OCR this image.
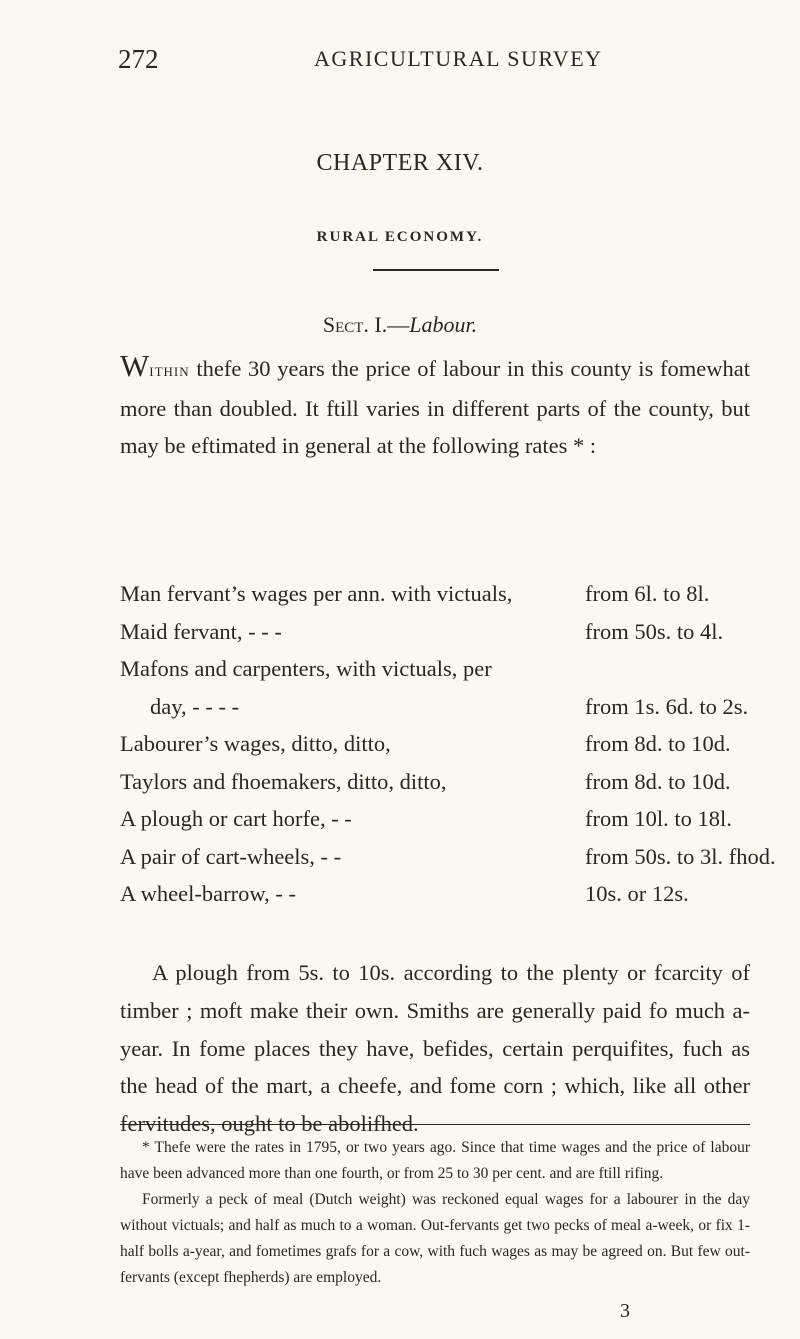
272	AGRICULTURAL SURVEY
CHAPTER XIV.
RURAL ECONOMY.
Sect. I.—Labour.

Within thefe 30 years the price of labour in this county is fomewhat more than doubled. It ftill varies in different parts of the county, but may be eftimated in general at the following rates * :

Man fervant’s wages per ann. with victuals,	from 6l. to 8l.
Maid fervant, - - -	from 50s. to 4l.
Mafons and carpenters, with victuals, per
day, - - - -	from 1s. 6d. to 2s.
Labourer’s wages, ditto, ditto,	from 8d. to 10d.
Taylors and fhoemakers, ditto, ditto,	from 8d. to 10d.
A plough or cart horfe, - -	from 10l. to 18l.
A pair of cart-wheels, - -	from 50s. to 3l. fhod.
A wheel-barrow, - -	10s. or 12s.

A plough from 5s. to 10s. according to the plenty or fcarcity of timber ; moft make their own. Smiths are generally paid fo much a-year. In fome places they have, befides, certain perquifites, fuch as the head of the mart, a cheefe, and fome corn ; which, like all other fervitudes, ought to be abolifhed.

* Thefe were the rates in 1795, or two years ago. Since that time wages and the price of labour have been advanced more than one fourth, or from 25 to 30 per cent. and are ftill rifing.

Formerly a peck of meal (Dutch weight) was reckoned equal wages for a labourer in the day without victuals; and half as much to a woman. Out-fervants get two pecks of meal a-week, or fix 1-half bolls a-year, and fometimes grafs for a cow, with fuch wages as may be agreed on. But few out-fervants (except fhepherds) are employed.

3
